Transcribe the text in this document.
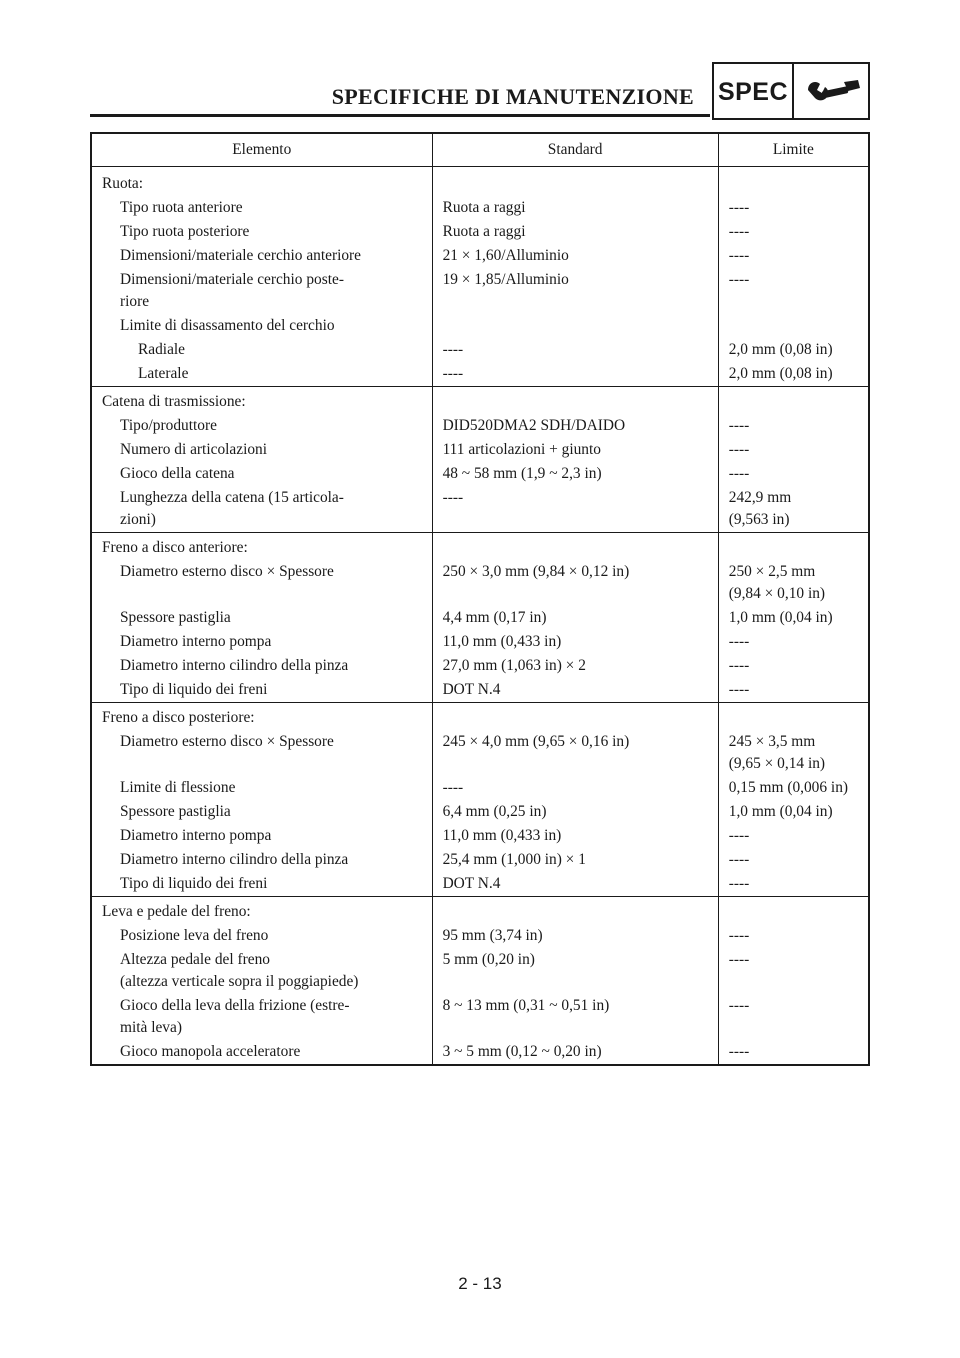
SPECIFICHE DI MANUTENZIONE SPEC
Elemento	Standard	Limite
Ruota:		
Tipo ruota anteriore	Ruota a raggi	----
Tipo ruota posteriore	Ruota a raggi	----
Dimensioni/materiale cerchio anteriore	21 × 1,60/Alluminio	----
Dimensioni/materiale cerchio poste-
riore	19 × 1,85/Alluminio	----
Limite di disassamento del cerchio		
Radiale	----	2,0 mm (0,08 in)
Laterale	----	2,0 mm (0,08 in)
Catena di trasmissione:		
Tipo/produttore	DID520DMA2 SDH/DAIDO	----
Numero di articolazioni	111 articolazioni + giunto	----
Gioco della catena	48 ~ 58 mm (1,9 ~ 2,3 in)	----
Lunghezza della catena (15 articola-
zioni)	----	242,9 mm
(9,563 in)
Freno a disco anteriore:		
Diametro esterno disco × Spessore	250 × 3,0 mm (9,84 × 0,12 in)	250 × 2,5 mm
(9,84 × 0,10 in)
Spessore pastiglia	4,4 mm (0,17 in)	1,0 mm (0,04 in)
Diametro interno pompa	11,0 mm (0,433 in)	----
Diametro interno cilindro della pinza	27,0 mm (1,063 in) × 2	----
Tipo di liquido dei freni	DOT N.4	----
Freno a disco posteriore:		
Diametro esterno disco × Spessore	245 × 4,0 mm (9,65 × 0,16 in)	245 × 3,5 mm
(9,65 × 0,14 in)
Limite di flessione	----	0,15 mm (0,006 in)
Spessore pastiglia	6,4 mm (0,25 in)	1,0 mm (0,04 in)
Diametro interno pompa	11,0 mm (0,433 in)	----
Diametro interno cilindro della pinza	25,4 mm (1,000 in) × 1	----
Tipo di liquido dei freni	DOT N.4	----
Leva e pedale del freno:		
Posizione leva del freno	95 mm (3,74 in)	----
Altezza pedale del freno
(altezza verticale sopra il poggiapiede)	5 mm (0,20 in)	----
Gioco della leva della frizione (estre-
mità leva)	8 ~ 13 mm (0,31 ~ 0,51 in)	----
Gioco manopola acceleratore	3 ~ 5 mm (0,12 ~ 0,20 in)	----
2 - 13
